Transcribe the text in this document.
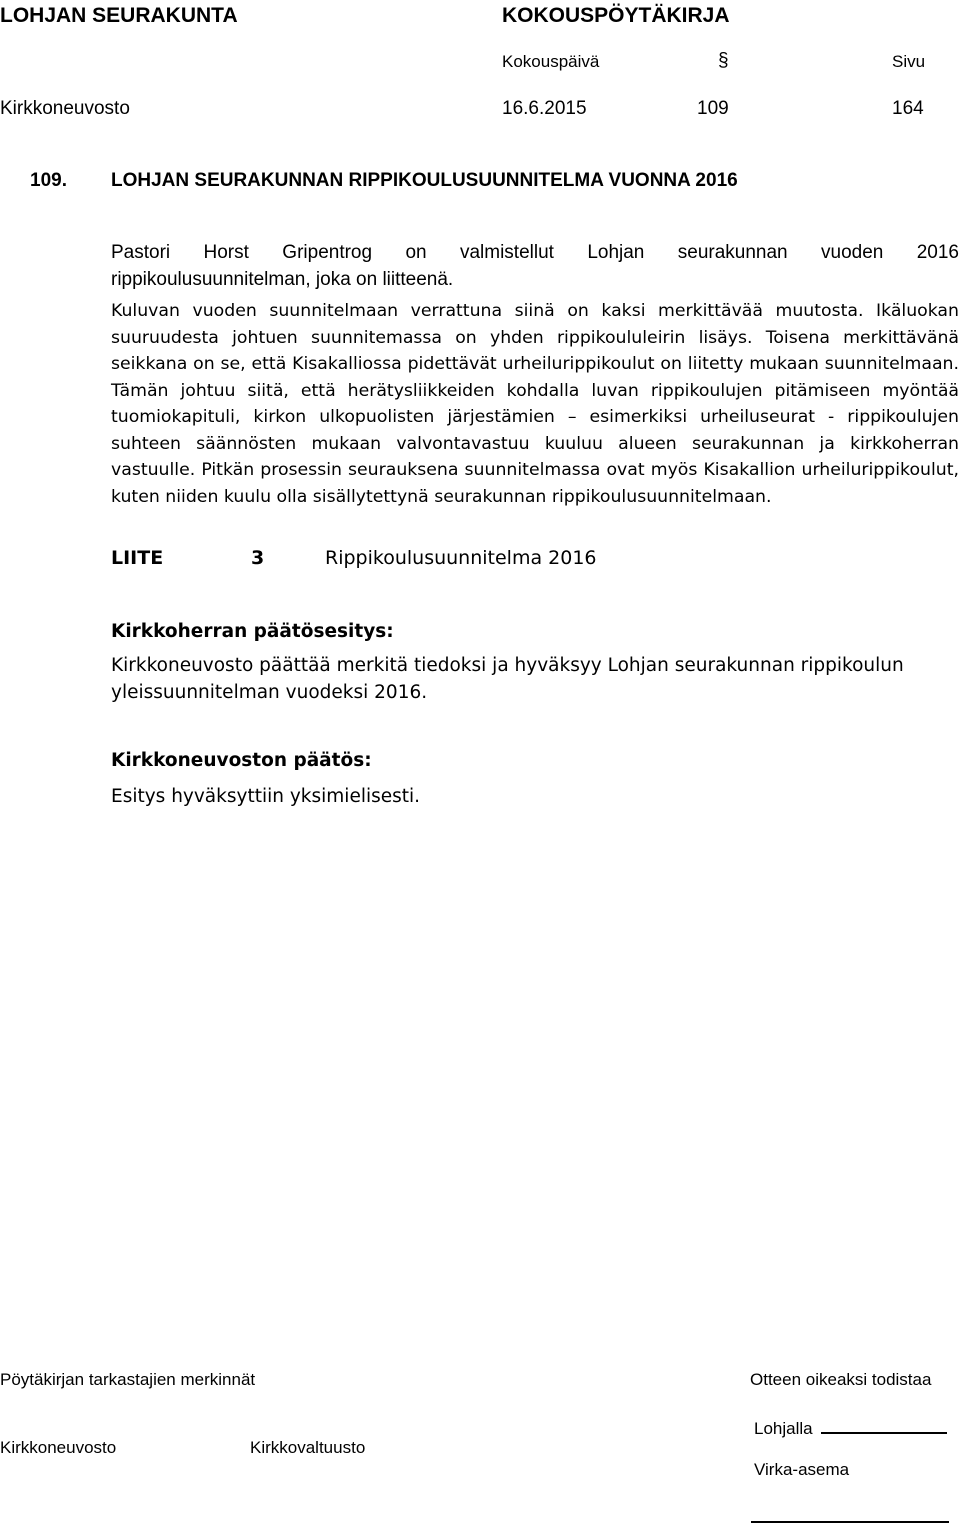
LOHJAN SEURAKUNTA	KOKOUSPÖYTÄKIRJA
Kokouspäivä	§	Sivu
Kirkkoneuvosto	16.6.2015	109	164
109. LOHJAN SEURAKUNNAN RIPPIKOULUSUUNNITELMA VUONNA 2016
Pastori Horst Gripentrog on valmistellut Lohjan seurakunnan vuoden 2016
rippikoulusuunnitelman, joka on liitteenä.
Kuluvan vuoden suunnitelmaan verrattuna siinä on kaksi merkittävää muutosta. Ikäluokan suuruudesta johtuen suunnitemassa on yhden rippikoululeirin lisäys. Toisena merkittävänä seikkana on se, että Kisakalliossa pidettävät urheilurippikoulut on liitetty mukaan suunnitelmaan. Tämän johtuu siitä, että herätysliikkeiden kohdalla luvan rippikoulujen pitämiseen myöntää tuomiokapituli, kirkon ulkopuolisten järjestämien – esimerkiksi urheiluseurat - rippikoulujen suhteen säännösten mukaan valvontavastuu kuuluu alueen seurakunnan ja kirkkoherran vastuulle. Pitkän prosessin seurauksena suunnitelmassa ovat myös Kisakallion urheilurippikoulut, kuten niiden kuulu olla sisällytettynä seurakunnan rippikoulusuunnitelmaan.
LIITE	3	Rippikoulusuunnitelma 2016
Kirkkoherran päätösesitys:
Kirkkoneuvosto päättää merkitä tiedoksi ja hyväksyy Lohjan seurakunnan rippikoulun yleissuunnitelman vuodeksi 2016.
Kirkkoneuvoston päätös:
Esitys hyväksyttiin yksimielisesti.
Pöytäkirjan tarkastajien merkinnät	Otteen oikeaksi todistaa
Kirkkoneuvosto	Kirkkovaltuusto
Lohjalla
Virka-asema
